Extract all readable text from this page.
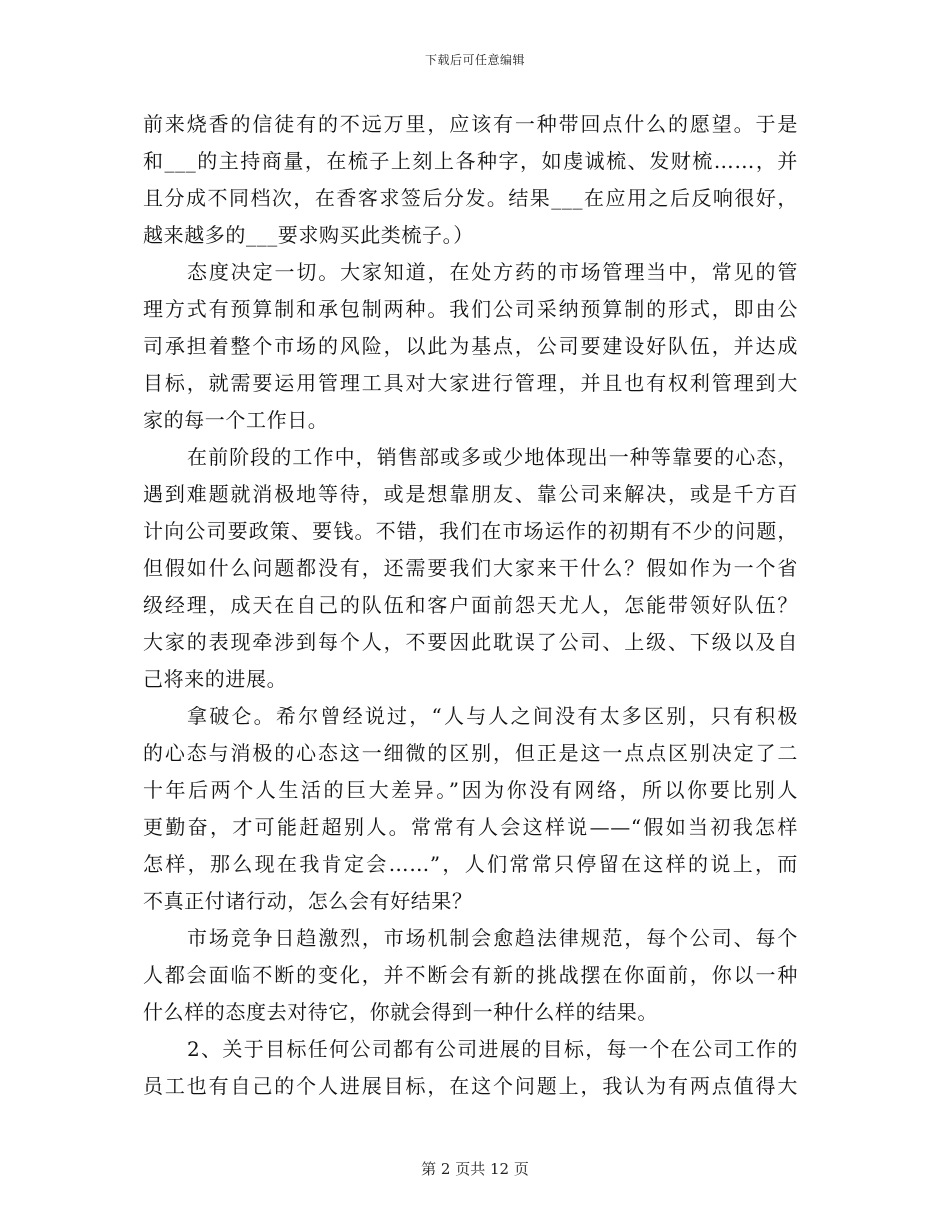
下载后可任意编辑
前来烧香的信徒有的不远万里，应该有一种带回点什么的愿望。于是
和___的主持商量，在梳子上刻上各种字，如虔诚梳、发财梳……，并
且分成不同档次，在香客求签后分发。结果___在应用之后反响很好，
越来越多的___要求购买此类梳子。）
态度决定一切。大家知道，在处方药的市场管理当中，常见的管
理方式有预算制和承包制两种。我们公司采纳预算制的形式，即由公
司承担着整个市场的风险，以此为基点，公司要建设好队伍，并达成
目标，就需要运用管理工具对大家进行管理，并且也有权利管理到大
家的每一个工作日。
在前阶段的工作中，销售部或多或少地体现出一种等靠要的心态，
遇到难题就消极地等待，或是想靠朋友、靠公司来解决，或是千方百
计向公司要政策、要钱。不错，我们在市场运作的初期有不少的问题，
但假如什么问题都没有，还需要我们大家来干什么？假如作为一个省
级经理，成天在自己的队伍和客户面前怨天尤人，怎能带领好队伍？
大家的表现牵涉到每个人，不要因此耽误了公司、上级、下级以及自
己将来的进展。
拿破仑。希尔曾经说过，“人与人之间没有太多区别，只有积极
的心态与消极的心态这一细微的区别，但正是这一点点区别决定了二
十年后两个人生活的巨大差异。”因为你没有网络，所以你要比别人
更勤奋，才可能赶超别人。常常有人会这样说——“假如当初我怎样
怎样，那么现在我肯定会……”，人们常常只停留在这样的说上，而
不真正付诸行动，怎么会有好结果？
市场竞争日趋激烈，市场机制会愈趋法律规范，每个公司、每个
人都会面临不断的变化，并不断会有新的挑战摆在你面前，你以一种
什么样的态度去对待它，你就会得到一种什么样的结果。
2、关于目标任何公司都有公司进展的目标，每一个在公司工作的
员工也有自己的个人进展目标，在这个问题上，我认为有两点值得大
第 2 页共 12 页
